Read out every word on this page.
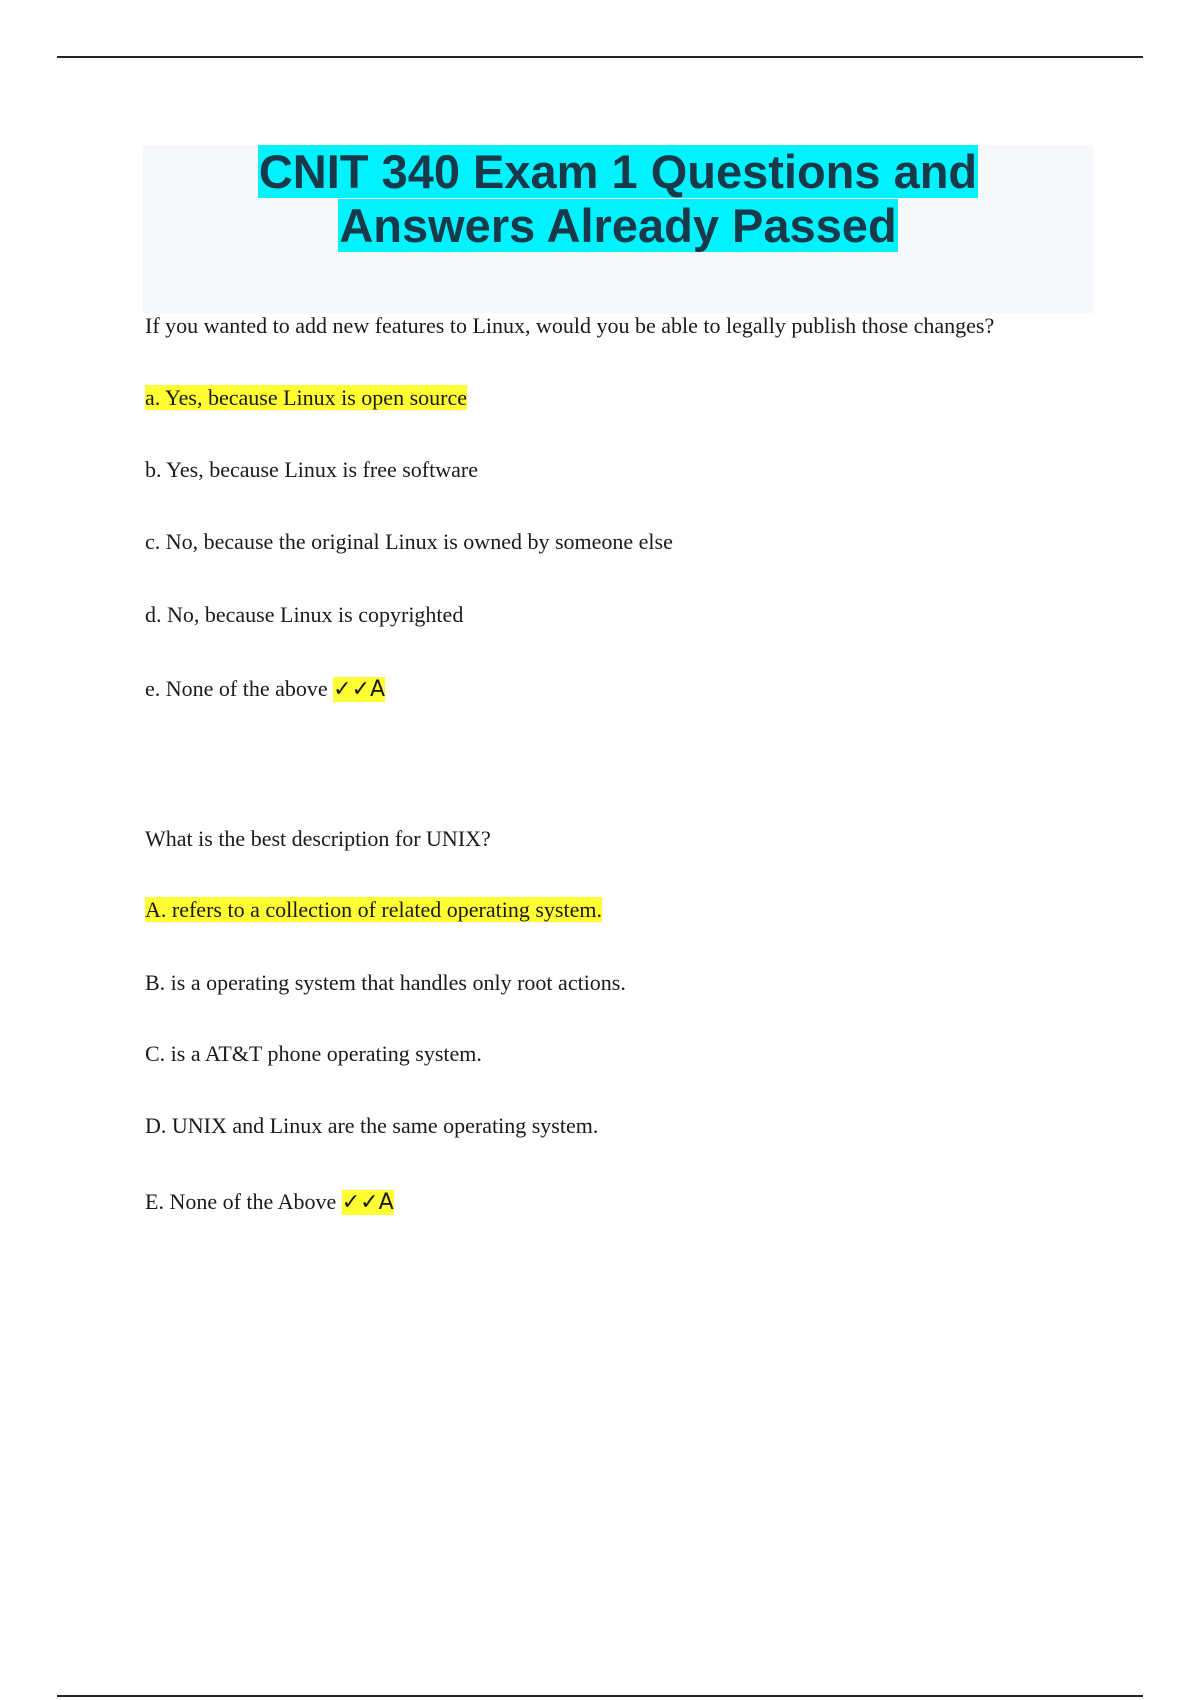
CNIT 340 Exam 1 Questions and
Answers Already Passed
If you wanted to add new features to Linux, would you be able to legally publish those changes?
a. Yes, because Linux is open source
b. Yes, because Linux is free software
c. No, because the original Linux is owned by someone else
d. No, because Linux is copyrighted
e. None of the above ✓✓A
What is the best description for UNIX?
A. refers to a collection of related operating system.
B. is a operating system that handles only root actions.
C. is a AT&T phone operating system.
D. UNIX and Linux are the same operating system.
E. None of the Above ✓✓A
